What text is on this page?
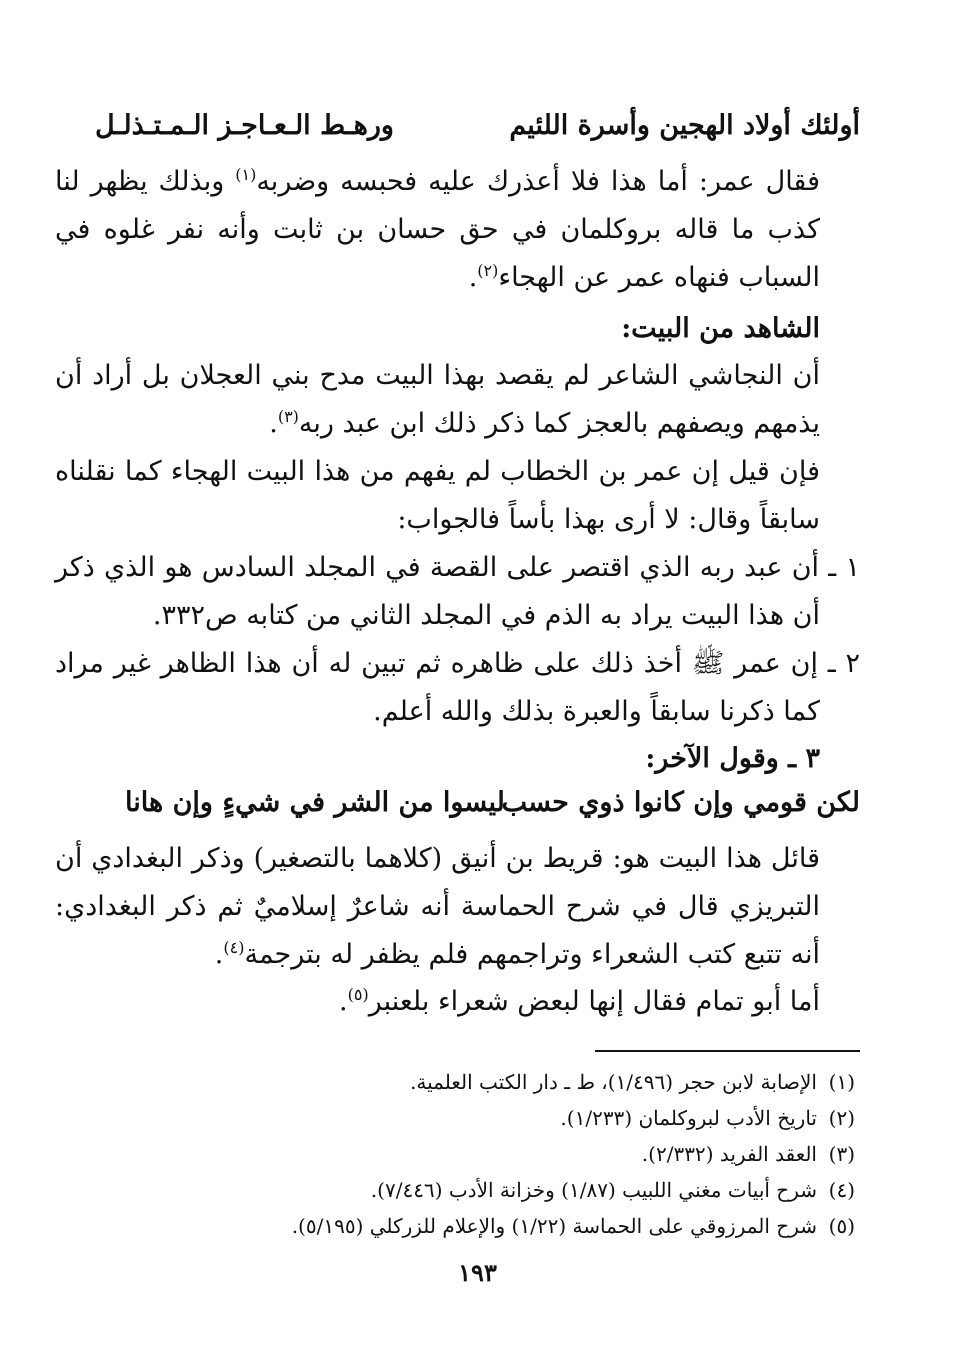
أولئك أولاد الهجين وأسرة اللئيم
ورهـط الـعـاجـز الـمـتـذلـل
فقال عمر: أما هذا فلا أعذرك عليه فحبسه وضربه$^{(١)}$ وبذلك يظهر لنا كذب ما قاله بروكلمان في حق حسان بن ثابت وأنه نفر غلوه في السباب فنهاه عمر عن الهجاء$^{(٢)}$.
الشاهد من البيت:
أن النجاشي الشاعر لم يقصد بهذا البيت مدح بني العجلان بل أراد أن يذمهم ويصفهم بالعجز كما ذكر ذلك ابن عبد ربه$^{(٣)}$.
فإن قيل إن عمر بن الخطاب لم يفهم من هذا البيت الهجاء كما نقلناه سابقاً وقال: لا أرى بهذا بأساً فالجواب:
١ ـ أن عبد ربه الذي اقتصر على القصة في المجلد السادس هو الذي ذكر أن هذا البيت يراد به الذم في المجلد الثاني من كتابه ص٣٣٢.
٢ ـ إن عمر ﷺ أخذ ذلك على ظاهره ثم تبين له أن هذا الظاهر غير مراد كما ذكرنا سابقاً والعبرة بذلك والله أعلم.
٣ ـ وقول الآخر:
لكن قومي وإن كانوا ذوي حسب
ليسوا من الشر في شيءٍ وإن هانا
قائل هذا البيت هو: قريط بن أنيق (كلاهما بالتصغير) وذكر البغدادي أن التبريزي قال في شرح الحماسة أنه شاعرٌ إسلاميٌ ثم ذكر البغدادي: أنه تتبع كتب الشعراء وتراجمهم فلم يظفر له بترجمة$^{(٤)}$.
أما أبو تمام فقال إنها لبعض شعراء بلعنبر$^{(٥)}$.
(١)الإصابة لابن حجر (١/٤٩٦)، ط ـ دار الكتب العلمية.
(٢)تاريخ الأدب لبروكلمان (١/٢٣٣).
(٣)العقد الفريد (٢/٣٣٢).
(٤)شرح أبيات مغني اللبيب (١/٨٧) وخزانة الأدب (٧/٤٤٦).
(٥)شرح المرزوقي على الحماسة (١/٢٢) والإعلام للزركلي (٥/١٩٥).
١٩٣
